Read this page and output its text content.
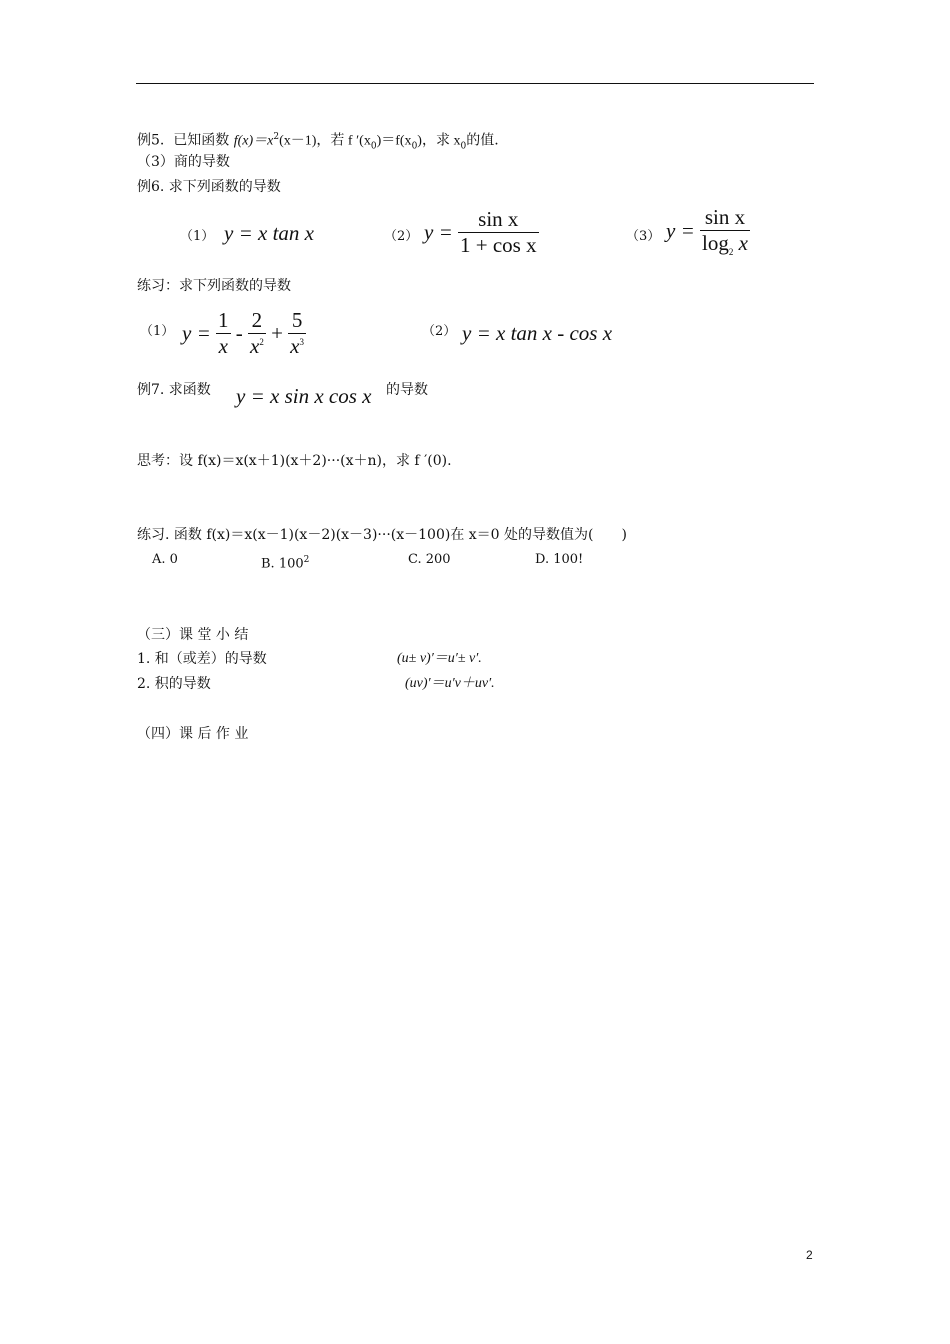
例5. 已知函数 $f(x)=x^2(x-1)$，若 f $'(x_0)=f(x_0)$，求 $x_0$的值.
（3）商的导数
例6. 求下列函数的导数
（1） y = x tan x	（2） $y = \frac{\text{sin x}}{\text{1 + cos x}}$	（3） $y = \frac{\text{sin x}}{\log_2 x}$
练习：求下列函数的导数
（1） $y = \frac{1}{x} - \frac{2}{x^2} + \frac{5}{x^3}$	（2） y = x tan x - cos x
例7. 求函数 y = x sin x cos x 的导数
思考：设 f(x)＝x(x＋1)(x＋2)···(x＋n)，求 f ′(0).
练习. 函数 f(x)＝x(x－1)(x－2)(x－3)···(x－100)在 x＝0 处的导数值为(　　)
A. 0	B. $100^2$	C. 200	D. 100!
（三）课 堂 小 结
1. 和（或差）的导数	(u± v)′＝u′± v′.
2. 积的导数	(uv)′＝u′v＋uv′.
（四）课 后 作 业
2
